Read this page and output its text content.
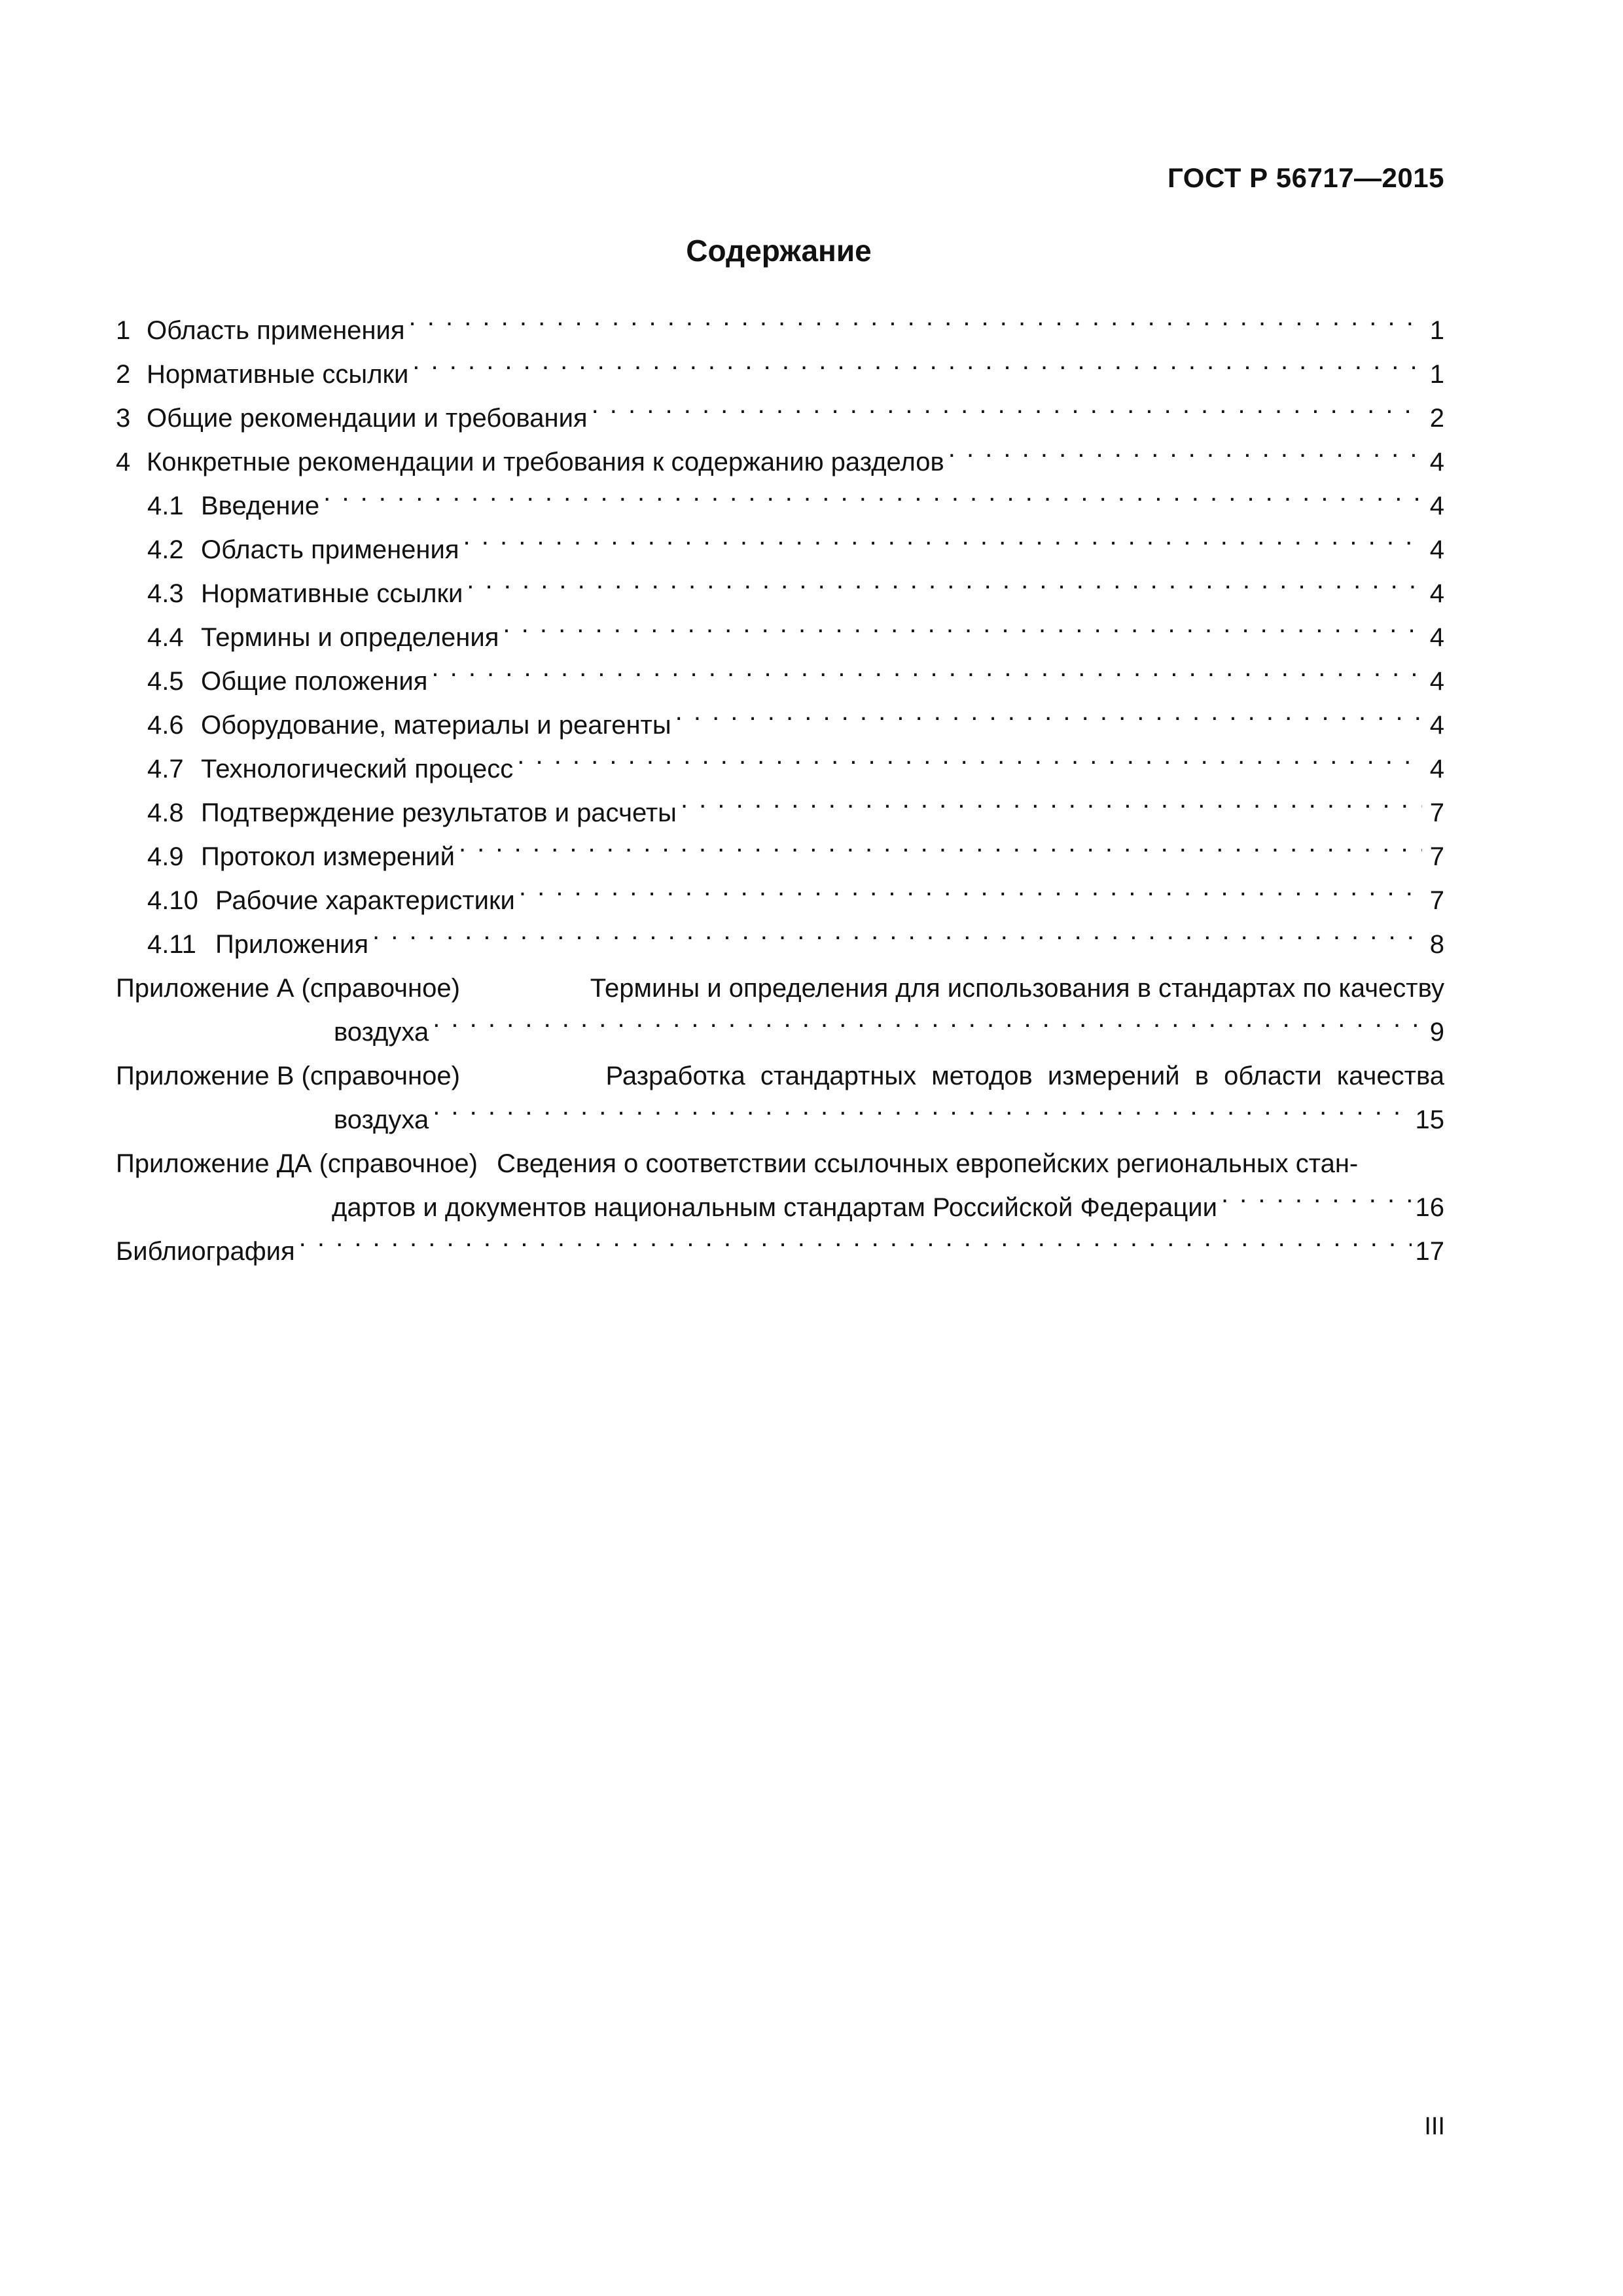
ГОСТ Р 56717—2015
Содержание
1 Область применения . . .	1
2 Нормативные ссылки . . .	1
3 Общие рекомендации и требования . . .	2
4 Конкретные рекомендации и требования к содержанию разделов . . .	4
4.1 Введение . . .	4
4.2 Область применения . . .	4
4.3 Нормативные ссылки . . .	4
4.4 Термины и определения . . .	4
4.5 Общие положения . . .	4
4.6 Оборудование, материалы и реагенты . . .	4
4.7 Технологический процесс . . .	4
4.8 Подтверждение результатов и расчеты . . .	7
4.9 Протокол измерений . . .	7
4.10 Рабочие характеристики . . .	7
4.11 Приложения . . .	8
Приложение А (справочное)	Термины и определения для использования в стандартах по качеству
воздуха . . .	9
Приложение В (справочное)	Разработка стандартных методов измерений в области качества
воздуха . . .	15
Приложение ДА (справочное) Сведения о соответствии ссылочных европейских региональных стан-
дартов и документов национальным стандартам Российской Федерации . . .	16
Библиография . . .	17
III
